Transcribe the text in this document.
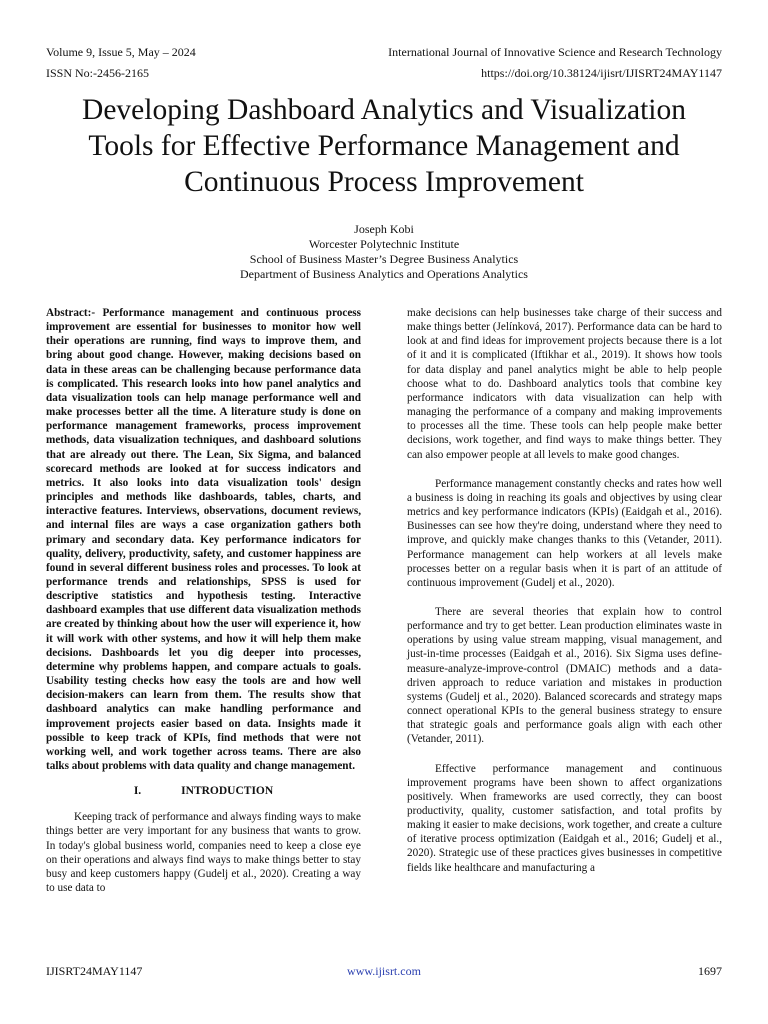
Volume 9, Issue 5, May – 2024	International Journal of Innovative Science and Research Technology
ISSN No:-2456-2165	https://doi.org/10.38124/ijisrt/IJISRT24MAY1147
Developing Dashboard Analytics and Visualization
Tools for Effective Performance Management and
Continuous Process Improvement
Joseph Kobi
Worcester Polytechnic Institute
School of Business Master’s Degree Business Analytics
Department of Business Analytics and Operations Analytics

Abstract:- Performance management and continuous process improvement are essential for businesses to monitor how well their operations are running, find ways to improve them, and bring about good change. However, making decisions based on data in these areas can be challenging because performance data is complicated. This research looks into how panel analytics and data visualization tools can help manage performance well and make processes better all the time. A literature study is done on performance management frameworks, process improvement methods, data visualization techniques, and dashboard solutions that are already out there. The Lean, Six Sigma, and balanced scorecard methods are looked at for success indicators and metrics. It also looks into data visualization tools' design principles and methods like dashboards, tables, charts, and interactive features. Interviews, observations, document reviews, and internal files are ways a case organization gathers both primary and secondary data. Key performance indicators for quality, delivery, productivity, safety, and customer happiness are found in several different business roles and processes. To look at performance trends and relationships, SPSS is used for descriptive statistics and hypothesis testing. Interactive dashboard examples that use different data visualization methods are created by thinking about how the user will experience it, how it will work with other systems, and how it will help them make decisions. Dashboards let you dig deeper into processes, determine why problems happen, and compare actuals to goals. Usability testing checks how easy the tools are and how well decision-makers can learn from them. The results show that dashboard analytics can make handling performance and improvement projects easier based on data. Insights made it possible to keep track of KPIs, find methods that were not working well, and work together across teams. There are also talks about problems with data quality and change management.

I.	INTRODUCTION

Keeping track of performance and always finding ways to make things better are very important for any business that wants to grow. In today's global business world, companies need to keep a close eye on their operations and always find ways to make things better to stay busy and keep customers happy (Gudelj et al., 2020). Creating a way to use data to

make decisions can help businesses take charge of their success and make things better (Jelínková, 2017). Performance data can be hard to look at and find ideas for improvement projects because there is a lot of it and it is complicated (Iftikhar et al., 2019). It shows how tools for data display and panel analytics might be able to help people choose what to do. Dashboard analytics tools that combine key performance indicators with data visualization can help with managing the performance of a company and making improvements to processes all the time. These tools can help people make better decisions, work together, and find ways to make things better. They can also empower people at all levels to make good changes.

Performance management constantly checks and rates how well a business is doing in reaching its goals and objectives by using clear metrics and key performance indicators (KPIs) (Eaidgah et al., 2016). Businesses can see how they're doing, understand where they need to improve, and quickly make changes thanks to this (Vetander, 2011). Performance management can help workers at all levels make processes better on a regular basis when it is part of an attitude of continuous improvement (Gudelj et al., 2020).

There are several theories that explain how to control performance and try to get better. Lean production eliminates waste in operations by using value stream mapping, visual management, and just-in-time processes (Eaidgah et al., 2016). Six Sigma uses define-measure-analyze-improve-control (DMAIC) methods and a data-driven approach to reduce variation and mistakes in production systems (Gudelj et al., 2020). Balanced scorecards and strategy maps connect operational KPIs to the general business strategy to ensure that strategic goals and performance goals align with each other (Vetander, 2011).

Effective performance management and continuous improvement programs have been shown to affect organizations positively. When frameworks are used correctly, they can boost productivity, quality, customer satisfaction, and total profits by making it easier to make decisions, work together, and create a culture of iterative process optimization (Eaidgah et al., 2016; Gudelj et al., 2020). Strategic use of these practices gives businesses in competitive fields like healthcare and manufacturing a

IJISRT24MAY1147	www.ijisrt.com	1697
